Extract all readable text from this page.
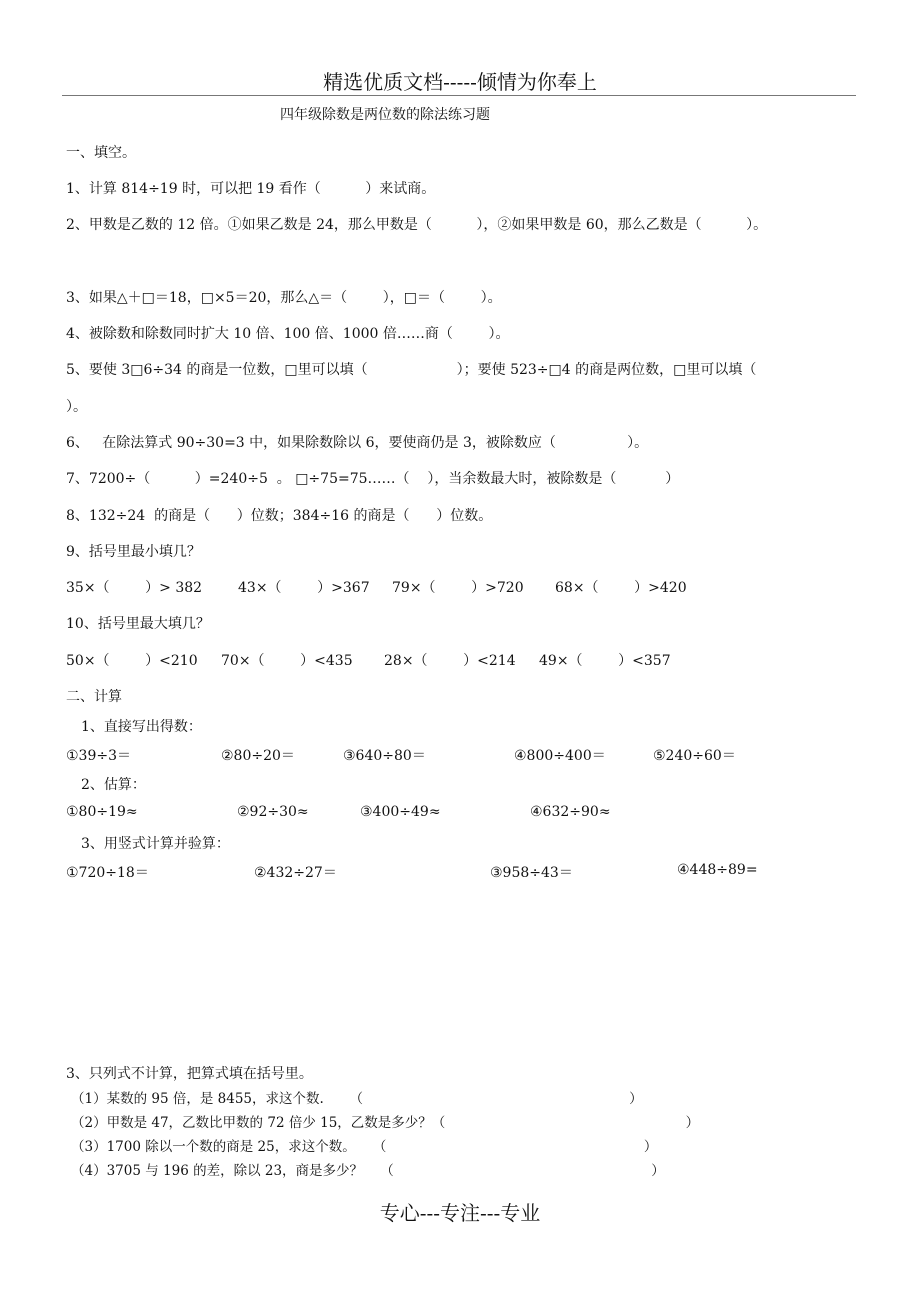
精选优质文档-----倾情为你奉上
四年级除数是两位数的除法练习题
一、填空。
1、计算 814÷19 时，可以把 19 看作（          ）来试商。
2、甲数是乙数的 12 倍。①如果乙数是 24，那么甲数是（          ），②如果甲数是 60，那么乙数是（          ）。
3、如果△＋□＝18，□×5＝20，那么△＝（        ），□＝（        ）。
4、被除数和除数同时扩大 10 倍、100 倍、1000 倍……商（        ）。
5、要使 3□6÷34 的商是一位数，□里可以填（                    ）；要使 523÷□4 的商是两位数，□里可以填（
）。
6、   在除法算式 90÷30=3 中，如果除数除以 6，要使商仍是 3，被除数应（                ）。
7、7200÷（          ）=240÷5  。 □÷75=75……（    ），当余数最大时，被除数是（           ）
8、132÷24  的商是（      ）位数；384÷16 的商是（      ）位数。
9、括号里最小填几？
35×（        ）> 382	43×（        ）>367 79×（        ）>720 68×（        ）>420
10、括号里最大填几？
50×（        ）<210 70×（        ）<435 28×（        ）<214 49×（        ）<357
二、计算
1、直接写出得数：
①39÷3＝	②80÷20＝	③640÷80＝	④800÷400＝	⑤240÷60＝
2、估算：
①80÷19≈	②92÷30≈	③400÷49≈	④632÷90≈
3、用竖式计算并验算：
①720÷18＝	②432÷27＝	③958÷43＝	④448÷89=
3、只列式不计算，把算式填在括号里。
（1）某数的 95 倍，是 8455，求这个数.      （                                                              ）
（2）甲数是 47，乙数比甲数的 72 倍少 15，乙数是多少？（                                                        ）
（3）1700 除以一个数的商是 25，求这个数。    （                                                            ）
（4）3705 与 196 的差，除以 23，商是多少？    （                                                            ）
专心---专注---专业
